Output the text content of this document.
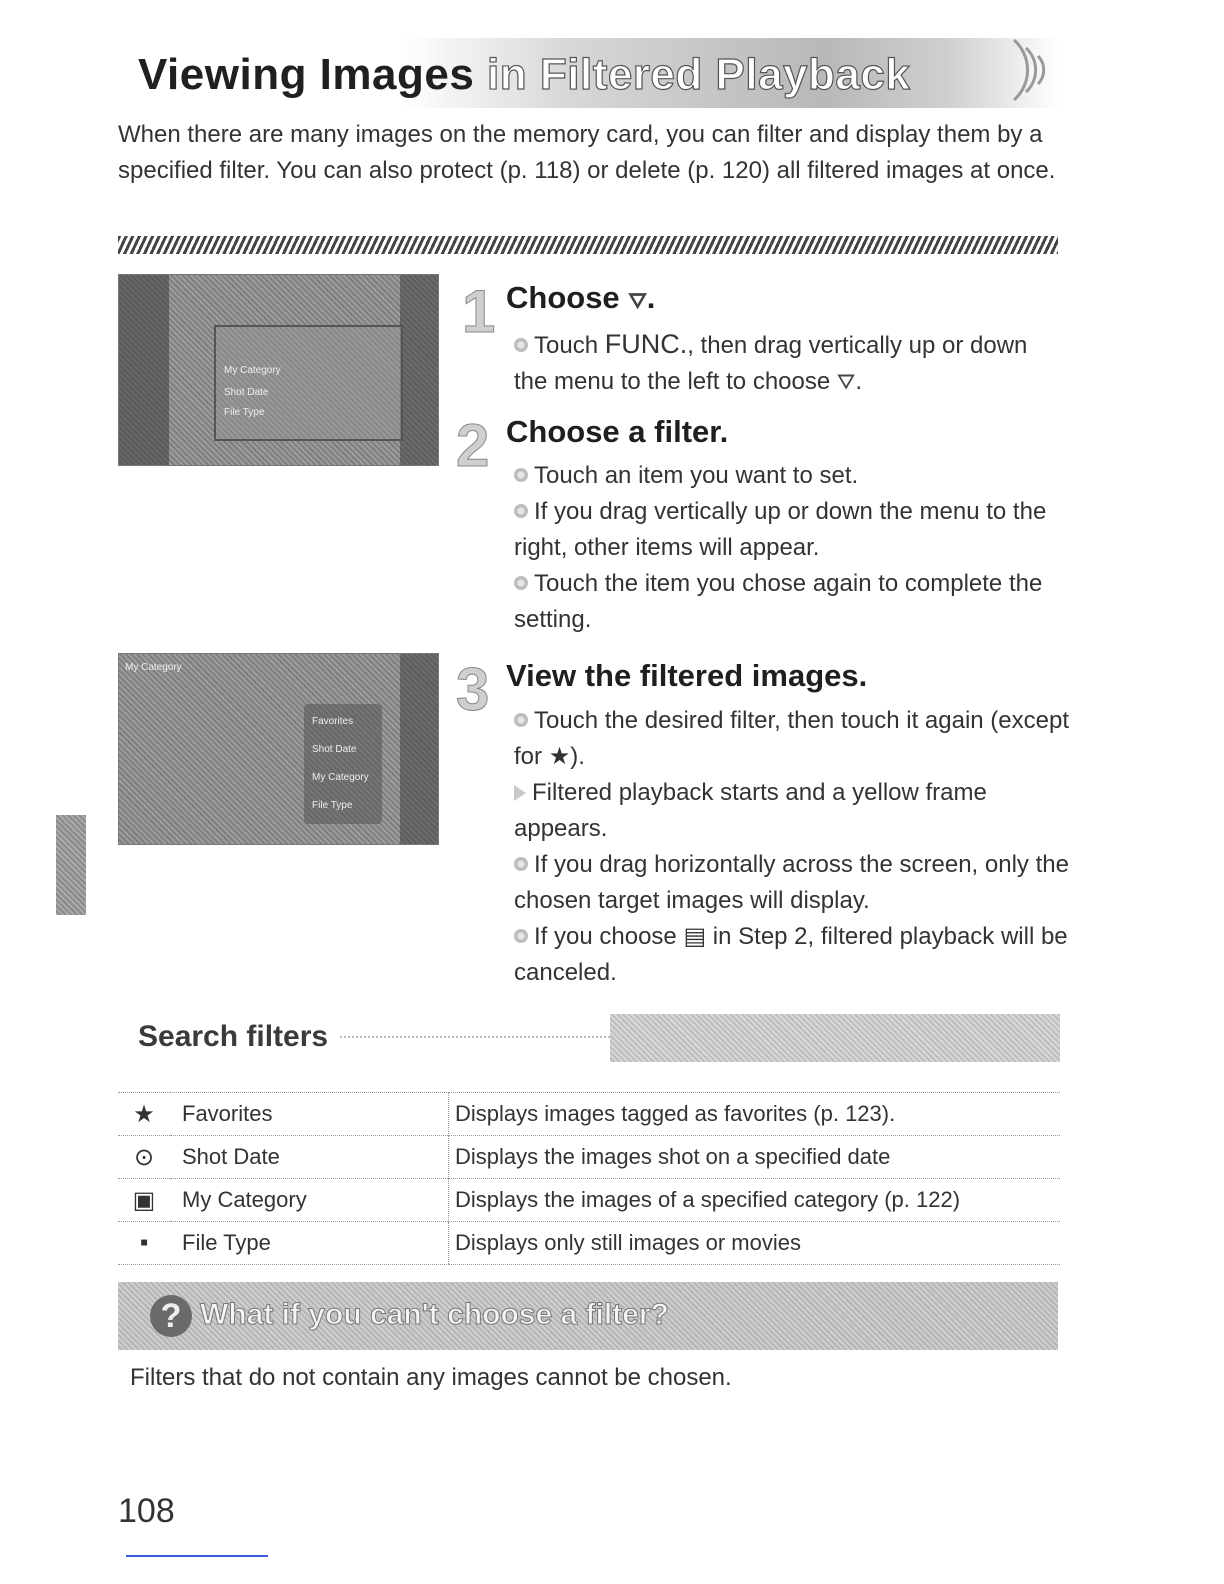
Viewing Images in Filtered Playback
When there are many images on the memory card, you can filter and display them by a specified filter. You can also protect (p. 118) or delete (p. 120) all filtered images at once.
My Category
Shot Date
File Type
My Category
Favorites
Shot Date
My Category
File Type
1 Choose ⛛.
Touch FUNC., then drag vertically up or down the menu to the left to choose ⛛.
2 Choose a filter.
Touch an item you want to set.
If you drag vertically up or down the menu to the right, other items will appear.
Touch the item you chose again to complete the setting.
3 View the filtered images.
Touch the desired filter, then touch it again (except for ★).
Filtered playback starts and a yellow frame appears.
If you drag horizontally across the screen, only the chosen target images will display.
If you choose ▤ in Step 2, filtered playback will be canceled.
Search filters
★	Favorites	Displays images tagged as favorites (p. 123).
⊙	Shot Date	Displays the images shot on a specified date
▣	My Category	Displays the images of a specified category (p. 122)
▪	File Type	Displays only still images or movies
? What if you can't choose a filter?
Filters that do not contain any images cannot be chosen.
108
